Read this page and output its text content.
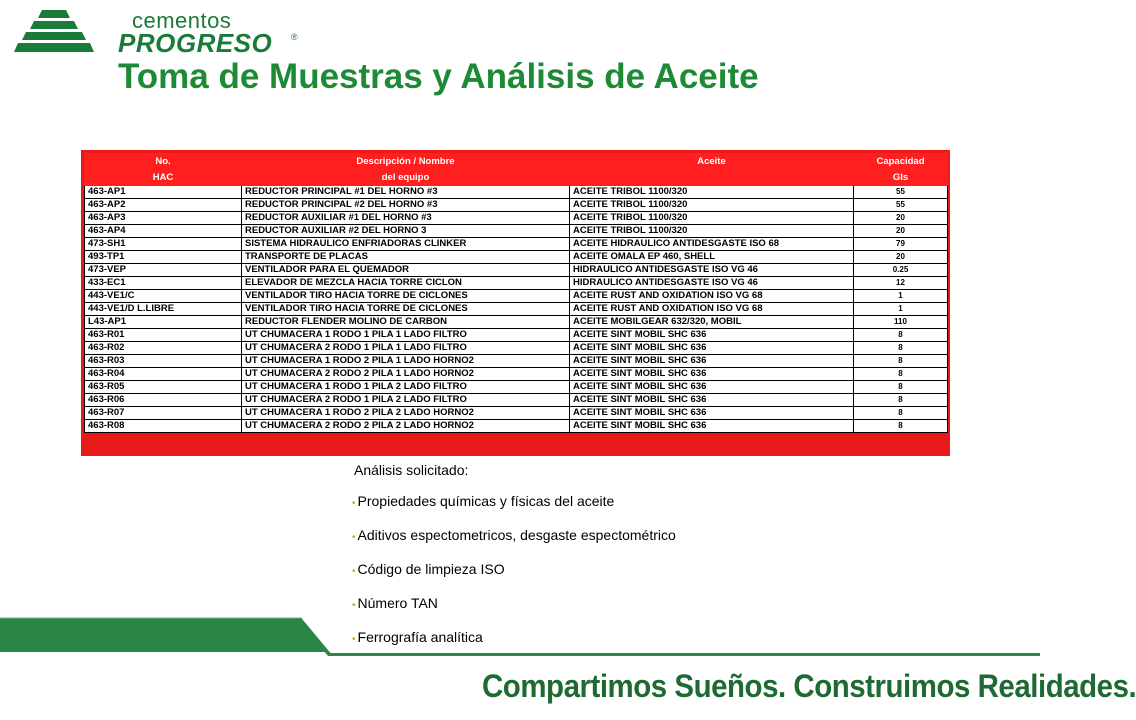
cementos
PROGRESO ®
Toma de Muestras y Análisis de Aceite
No.	Descripción / Nombre	Aceite	Capacidad
HAC	del equipo		Gls
463-AP1	REDUCTOR PRINCIPAL #1 DEL HORNO #3	ACEITE TRIBOL 1100/320	55
463-AP2	REDUCTOR PRINCIPAL #2 DEL HORNO #3	ACEITE TRIBOL 1100/320	55
463-AP3	REDUCTOR AUXILIAR #1 DEL HORNO #3	ACEITE TRIBOL 1100/320	20
463-AP4	REDUCTOR AUXILIAR #2 DEL HORNO 3	ACEITE TRIBOL 1100/320	20
473-SH1	SISTEMA HIDRAULICO ENFRIADORAS CLINKER	ACEITE HIDRAULICO ANTIDESGASTE ISO 68	79
493-TP1	TRANSPORTE DE PLACAS	ACEITE OMALA EP 460, SHELL	20
473-VEP	VENTILADOR PARA EL QUEMADOR	HIDRAULICO ANTIDESGASTE ISO VG 46	0.25
433-EC1	ELEVADOR DE MEZCLA HACIA TORRE CICLON	HIDRAULICO ANTIDESGASTE ISO VG 46	12
443-VE1/C	VENTILADOR TIRO HACIA TORRE DE CICLONES	ACEITE RUST AND OXIDATION ISO VG 68	1
443-VE1/D L.LIBRE	VENTILADOR TIRO HACIA TORRE DE CICLONES	ACEITE RUST AND OXIDATION ISO VG 68	1
L43-AP1	REDUCTOR FLENDER MOLINO DE CARBON	ACEITE MOBILGEAR 632/320, MOBIL	110
463-R01	UT CHUMACERA 1 RODO 1 PILA 1 LADO FILTRO	ACEITE SINT MOBIL SHC 636	8
463-R02	UT CHUMACERA 2 RODO 1 PILA 1 LADO FILTRO	ACEITE SINT MOBIL SHC 636	8
463-R03	UT CHUMACERA 1 RODO 2 PILA 1 LADO HORNO2	ACEITE SINT MOBIL SHC 636	8
463-R04	UT CHUMACERA 2 RODO 2 PILA 1 LADO HORNO2	ACEITE SINT MOBIL SHC 636	8
463-R05	UT CHUMACERA 1 RODO 1 PILA 2 LADO FILTRO	ACEITE SINT MOBIL SHC 636	8
463-R06	UT CHUMACERA 2 RODO 1 PILA 2 LADO FILTRO	ACEITE SINT MOBIL SHC 636	8
463-R07	UT CHUMACERA 1 RODO 2 PILA 2 LADO HORNO2	ACEITE SINT MOBIL SHC 636	8
463-R08	UT CHUMACERA 2 RODO 2 PILA 2 LADO HORNO2	ACEITE SINT MOBIL SHC 636	8
Análisis solicitado:
• Propiedades químicas y físicas del aceite
• Aditivos espectometricos, desgaste espectométrico
• Código de limpieza ISO
• Número TAN
• Ferrografía analítica
Compartimos Sueños. Construimos Realidades.
